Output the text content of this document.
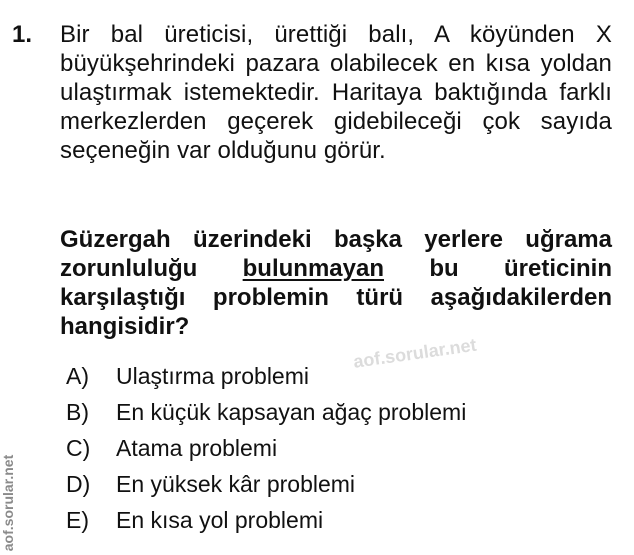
1. Bir bal üreticisi, ürettiği balı, A köyünden X büyükşehrindeki pazara olabilecek en kısa yoldan ulaştırmak istemektedir. Haritaya baktığında farklı merkezlerden geçerek gidebileceği çok sayıda seçeneğin var olduğunu görür.

Güzergah üzerindeki başka yerlere uğrama zorunluluğu bulunmayan bu üreticinin karşılaştığı problemin türü aşağıdakilerden hangisidir?

aof.sorular.net
A)	Ulaştırma problemi
B)	En küçük kapsayan ağaç problemi
C)	Atama problemi
D)	En yüksek kâr problemi
E)	En kısa yol problemi
aof.sorular.net
